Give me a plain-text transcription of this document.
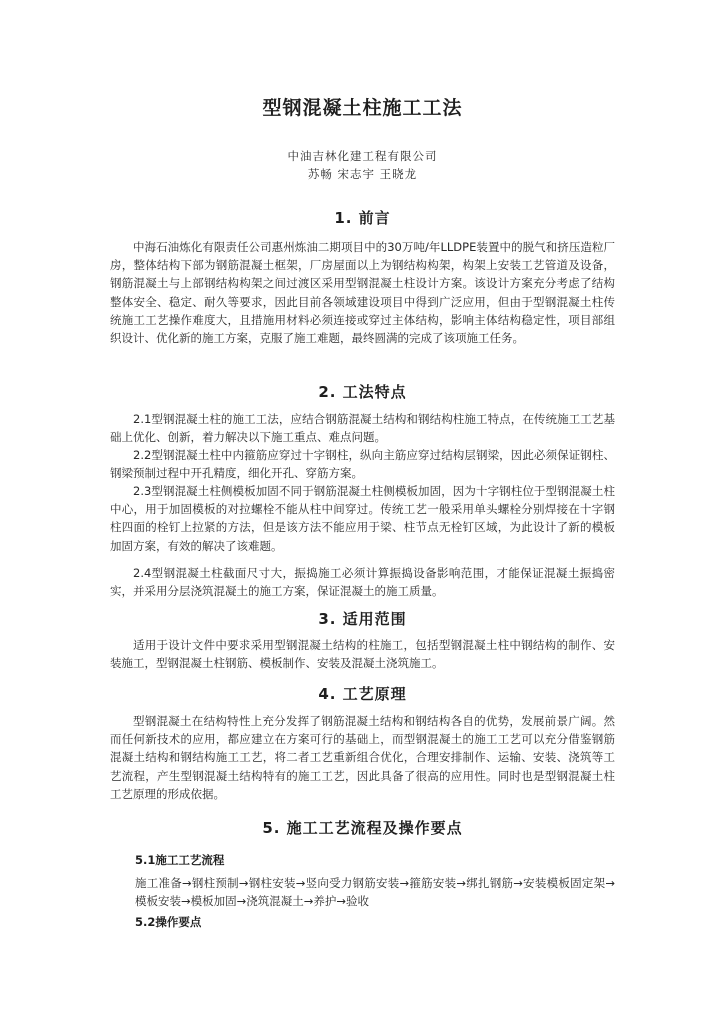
型钢混凝土柱施工工法
中油吉林化建工程有限公司
苏畅 宋志宇 王晓龙
1. 前言

中海石油炼化有限责任公司惠州炼油二期项目中的30万吨/年LLDPE装置中的脱气和挤压造粒厂房，整体结构下部为钢筋混凝土框架，厂房屋面以上为钢结构构架，构架上安装工艺管道及设备，钢筋混凝土与上部钢结构构架之间过渡区采用型钢混凝土柱设计方案。该设计方案充分考虑了结构整体安全、稳定、耐久等要求，因此目前各领域建设项目中得到广泛应用，但由于型钢混凝土柱传统施工工艺操作难度大，且措施用材料必须连接或穿过主体结构，影响主体结构稳定性，项目部组织设计、优化新的施工方案，克服了施工难题，最终圆满的完成了该项施工任务。

2. 工法特点

2.1型钢混凝土柱的施工工法，应结合钢筋混凝土结构和钢结构柱施工特点，在传统施工工艺基础上优化、创新，着力解决以下施工重点、难点问题。

2.2型钢混凝土柱中内箍筋应穿过十字钢柱，纵向主筋应穿过结构层钢梁，因此必须保证钢柱、钢梁预制过程中开孔精度，细化开孔、穿筋方案。

2.3型钢混凝土柱侧模板加固不同于钢筋混凝土柱侧模板加固，因为十字钢柱位于型钢混凝土柱中心，用于加固模板的对拉螺栓不能从柱中间穿过。传统工艺一般采用单头螺栓分别焊接在十字钢柱四面的栓钉上拉紧的方法，但是该方法不能应用于梁、柱节点无栓钉区域，为此设计了新的模板加固方案，有效的解决了该难题。

2.4型钢混凝土柱截面尺寸大，振捣施工必须计算振捣设备影响范围，才能保证混凝土振捣密实，并采用分层浇筑混凝土的施工方案，保证混凝土的施工质量。

3. 适用范围

适用于设计文件中要求采用型钢混凝土结构的柱施工，包括型钢混凝土柱中钢结构的制作、安装施工，型钢混凝土柱钢筋、模板制作、安装及混凝土浇筑施工。

4. 工艺原理

型钢混凝土在结构特性上充分发挥了钢筋混凝土结构和钢结构各自的优势，发展前景广阔。然而任何新技术的应用，都应建立在方案可行的基础上，而型钢混凝土的施工工艺可以充分借鉴钢筋混凝土结构和钢结构施工工艺，将二者工艺重新组合优化，合理安排制作、运输、安装、浇筑等工艺流程，产生型钢混凝土结构特有的施工工艺，因此具备了很高的应用性。同时也是型钢混凝土柱工艺原理的形成依据。

5. 施工工艺流程及操作要点
5.1施工工艺流程

施工准备→钢柱预制→钢柱安装→竖向受力钢筋安装→箍筋安装→绑扎钢筋→安装模板固定架→模板安装→模板加固→浇筑混凝土→养护→验收

5.2操作要点
